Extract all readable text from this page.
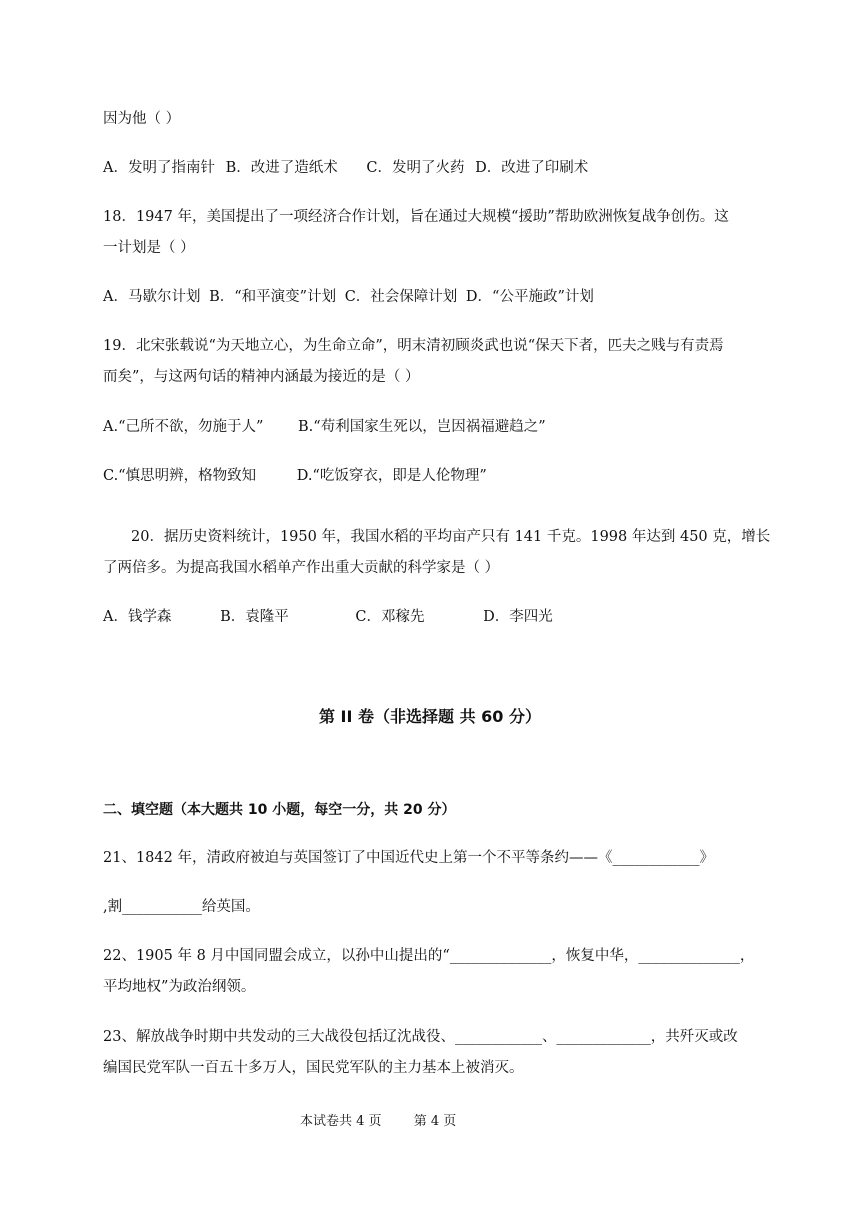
因为他（ ）
A．发明了指南针 B．改进了造纸术 C．发明了火药 D．改进了印刷术
18．1947 年，美国提出了一项经济合作计划，旨在通过大规模“援助”帮助欧洲恢复战争创伤。这
一计划是（ ）
A．马歇尔计划 B．“和平演变”计划 C．社会保障计划 D．“公平施政”计划
19．北宋张载说“为天地立心，为生命立命”，明末清初顾炎武也说“保天下者，匹夫之贱与有责焉
而矣”，与这两句话的精神内涵最为接近的是（ ）
A.“己所不欲，勿施于人” B.“苟利国家生死以，岂因祸福避趋之”
C.“慎思明辨，格物致知	D.“吃饭穿衣，即是人伦物理”
20．据历史资料统计，1950 年，我国水稻的平均亩产只有 141 千克。1998 年达到 450 克，增长
了两倍多。为提高我国水稻单产作出重大贡献的科学家是（ ）
A．钱学森	B．袁隆平	C．邓稼先	D．李四光
第 II 卷（非选择题 共 60 分）
二、填空题（本大题共 10 小题，每空一分，共 20 分）
21、1842 年，清政府被迫与英国签订了中国近代史上第一个不平等条约——《____________》
,割___________给英国。
22、1905 年 8 月中国同盟会成立，以孙中山提出的“______________，恢复中华，______________，
平均地权”为政治纲领。
23、解放战争时期中共发动的三大战役包括辽沈战役、____________、_____________，共歼灭或改
编国民党军队一百五十多万人，国民党军队的主力基本上被消灭。
本试卷共 4 页 第 4 页
